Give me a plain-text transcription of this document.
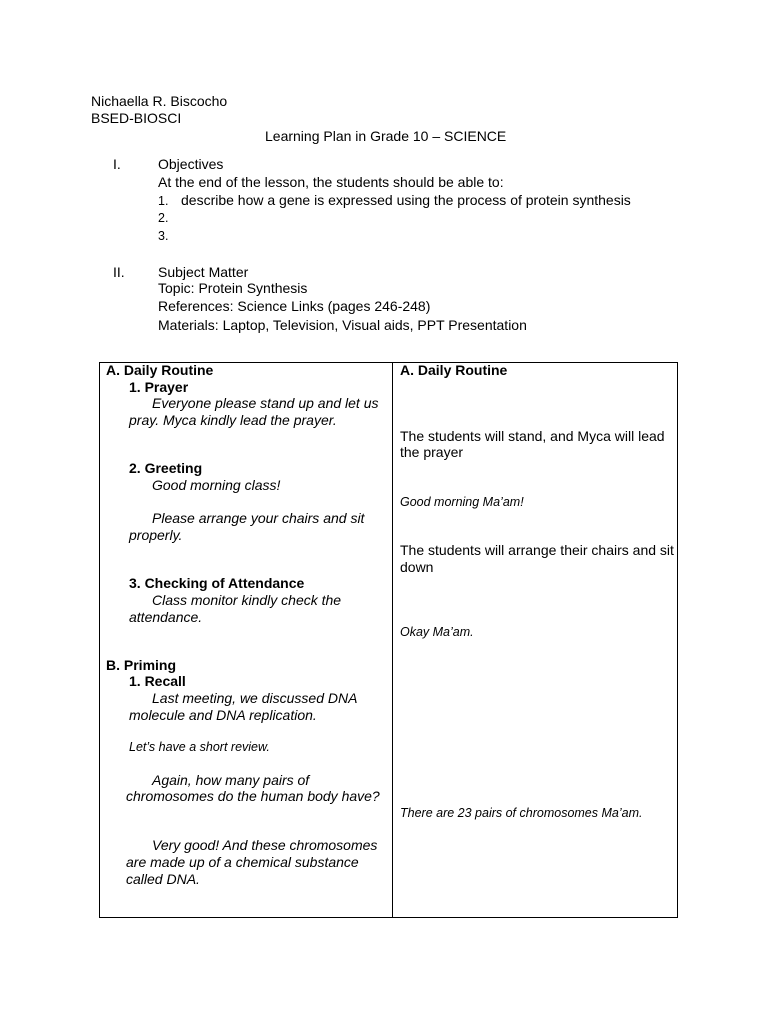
Nichaella R. Biscocho
BSED-BIOSCI
Learning Plan in Grade 10 – SCIENCE
I.	Objectives
At the end of the lesson, the students should be able to:
1. describe how a gene is expressed using the process of protein synthesis
2.
3.
II. Subject Matter
Topic: Protein Synthesis
References: Science Links (pages 246-248)
Materials: Laptop, Television, Visual aids, PPT Presentation
A. Daily Routine
1. Prayer
Everyone please stand up and let us
pray. Myca kindly lead the prayer.
2. Greeting
Good morning class!
Please arrange your chairs and sit
properly.
3. Checking of Attendance
Class monitor kindly check the
attendance.
B. Priming
1. Recall
Last meeting, we discussed DNA
molecule and DNA replication.
Let’s have a short review.
Again, how many pairs of
chromosomes do the human body have?
Very good! And these chromosomes
are made up of a chemical substance
called DNA.
A. Daily Routine
The students will stand, and Myca will lead
the prayer
Good morning Ma’am!
The students will arrange their chairs and sit
down
Okay Ma’am.
There are 23 pairs of chromosomes Ma’am.
